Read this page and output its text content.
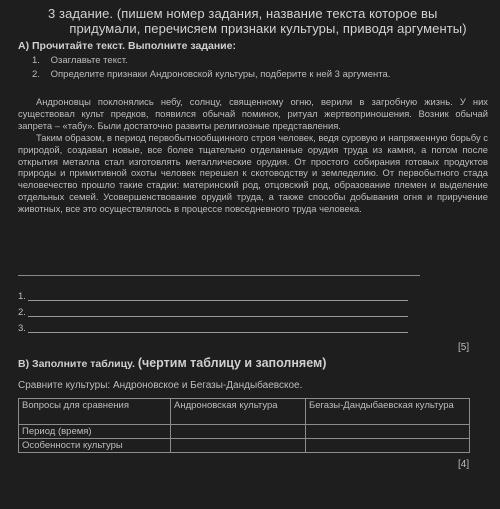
3 задание. (пишем номер задания, название текста которое вы
придумали, перечисяем признаки культуры, приводя аргументы)
А) Прочитайте текст. Выполните задание:
1. Озаглавьте текст.
2. Определите признаки Андроновской культуры, подберите к ней 3 аргумента.

Андроновцы поклонялись небу, солнцу, священному огню, верили в загробную жизнь. У них существовал культ предков, появился обычай поминок, ритуал жертвоприношения. Возник обычай запрета – «табу». Были достаточно развиты религиозные представления.

Таким образом, в период первобытнообщинного строя человек, ведя суровую и напряженную борьбу с природой, создавал новые, все более тщательно отделанные орудия труда из камня, а потом после открытия металла стал изготовлять металлические орудия. От простого собирания готовых продуктов природы и примитивной охоты человек перешел к скотоводству и земледелию. От первобытного стада человечество прошло такие стадии: материнский род, отцовский род, образование племен и выделение отдельных семей. Усовершенствование орудий труда, а также способы добывания огня и приручение животных, все это осуществлялось в процессе повседневного труда человека.

1.
2.
3.
[5]
В) Заполните таблицу. (чертим таблицу и заполняем)
Сравните культуры: Андроновское и Бегазы-Дандыбаевское.
Вопросы для сравнения	Андроновская культура	Бегазы-Дандыбаевская культура
Период (время)		
Особенности культуры		
[4]
